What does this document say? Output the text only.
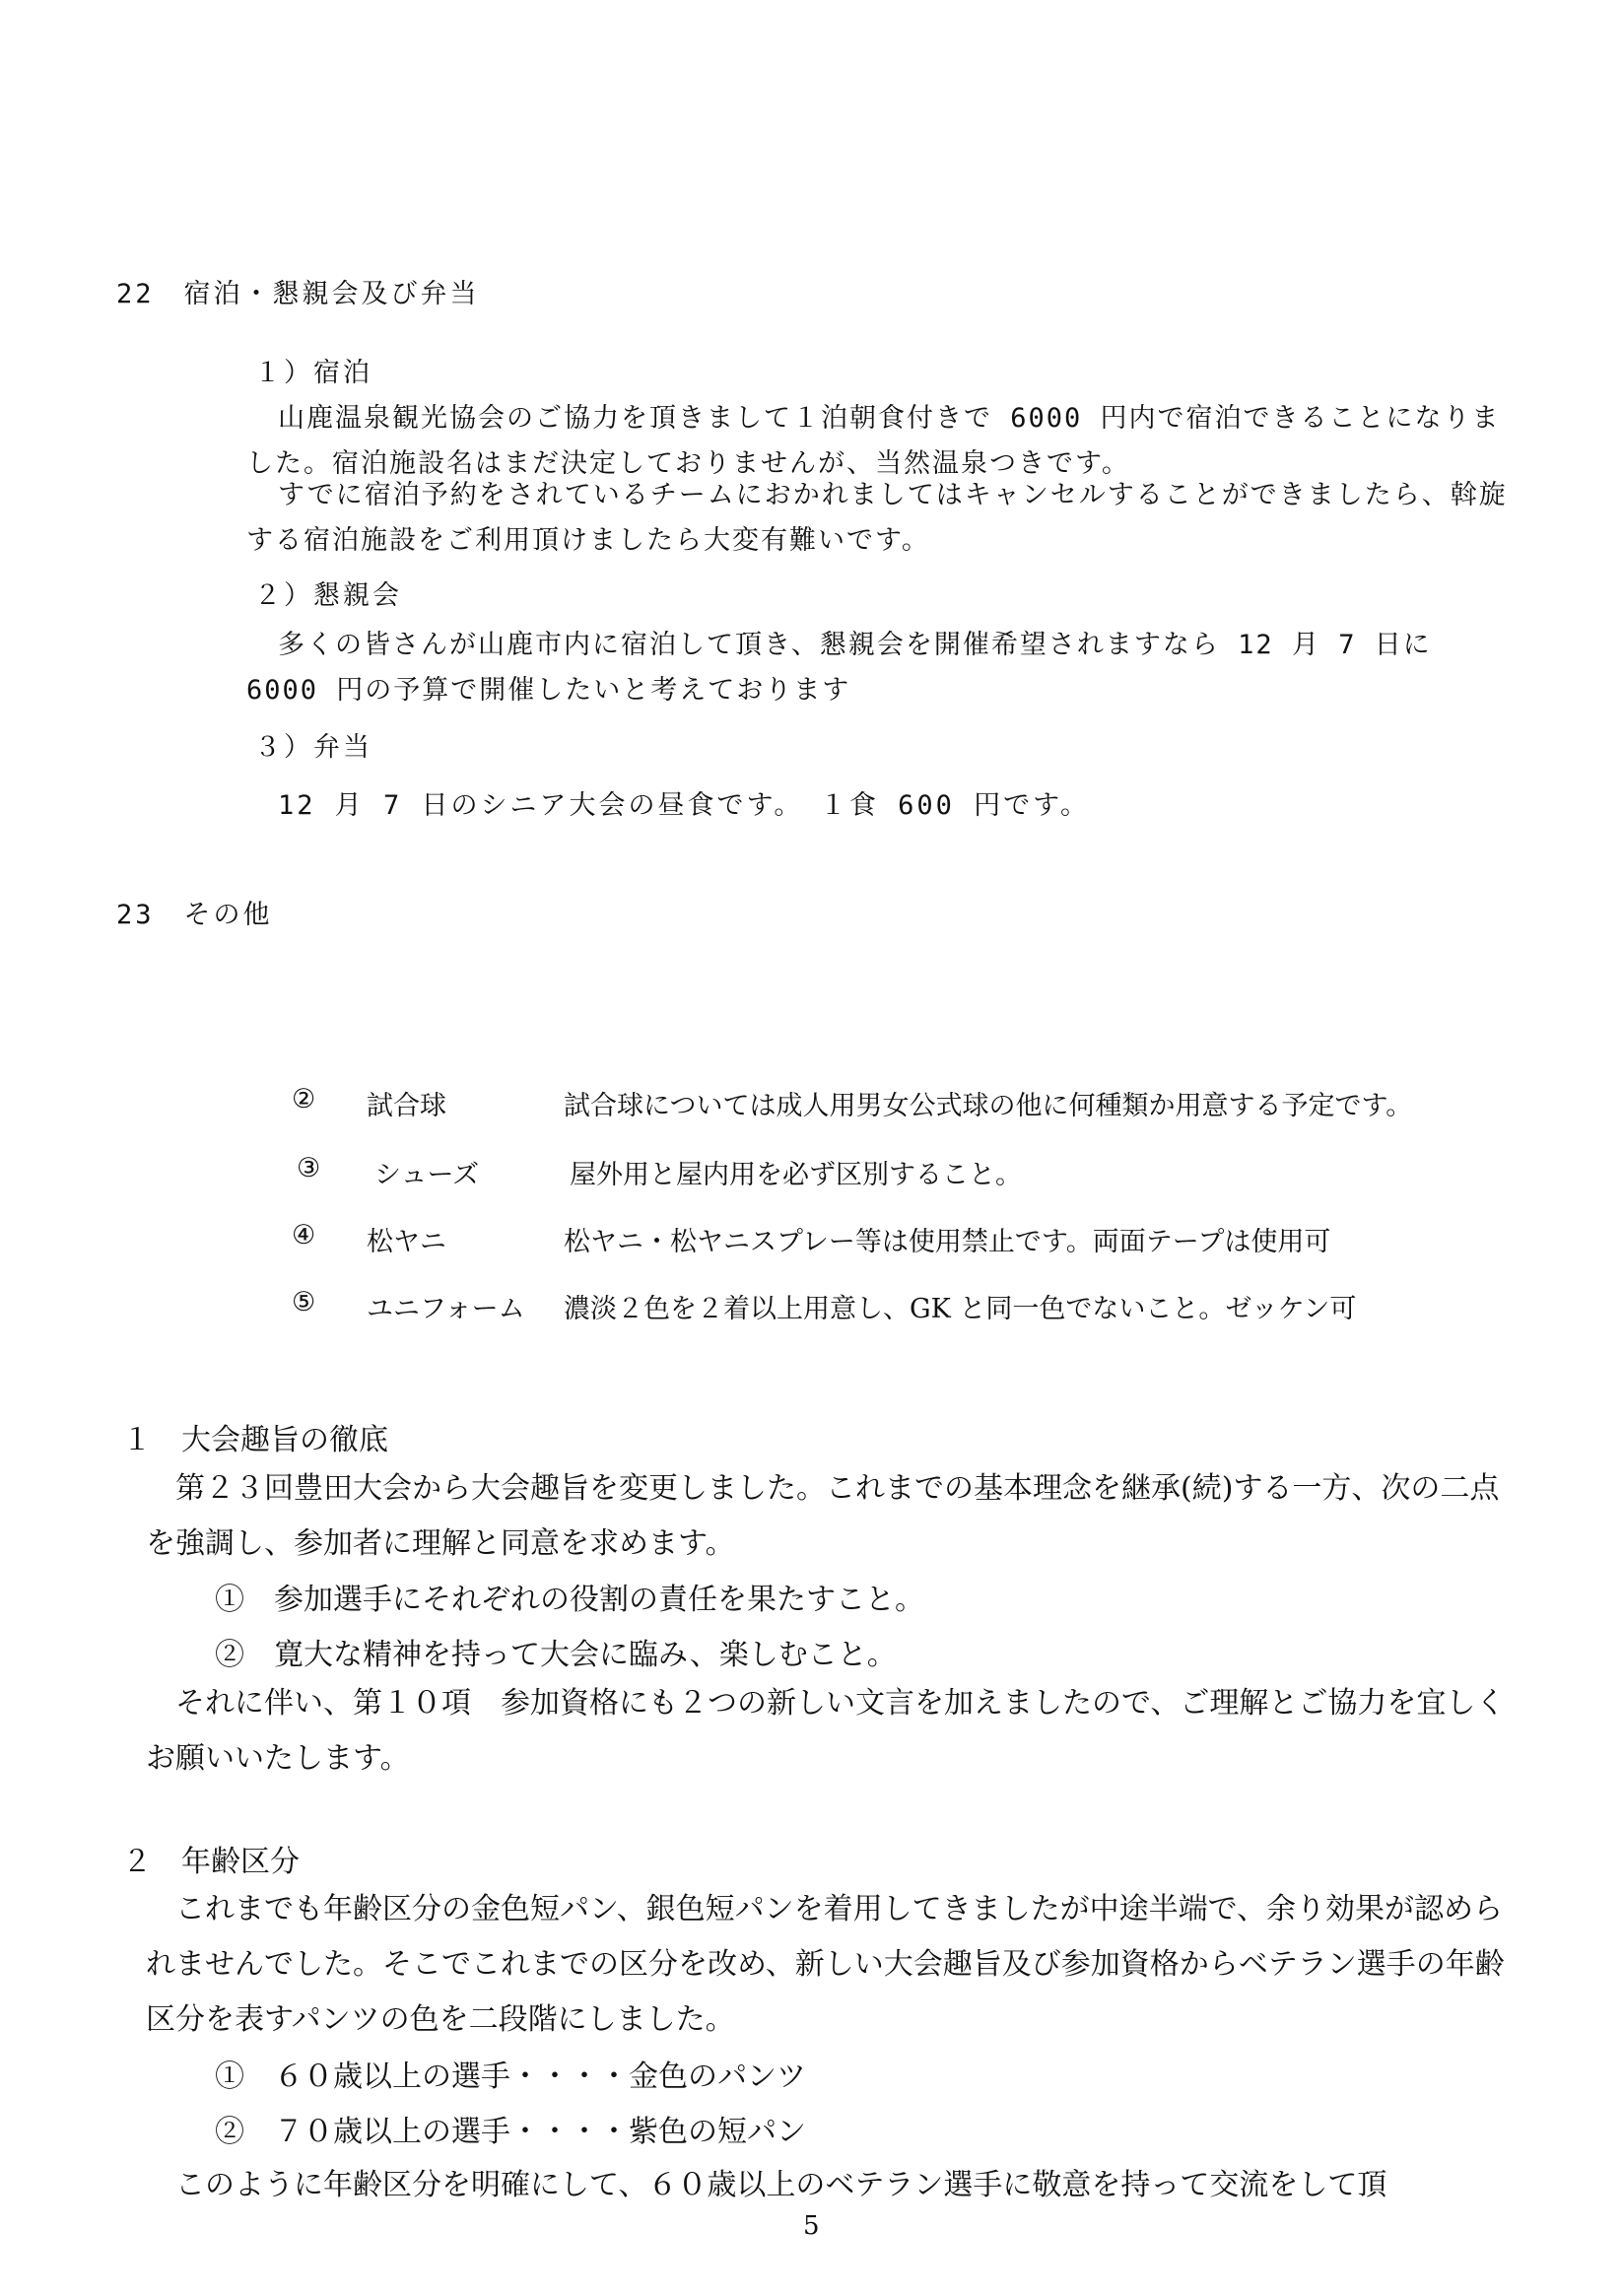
22　宿泊・懇親会及び弁当
１）宿泊
山鹿温泉観光協会のご協力を頂きまして１泊朝食付きで 6000 円内で宿泊できることになりました。宿泊施設名はまだ決定しておりませんが、当然温泉つきです。
すでに宿泊予約をされているチームにおかれましてはキャンセルすることができましたら、斡旋する宿泊施設をご利用頂けましたら大変有難いです。
２）懇親会
多くの皆さんが山鹿市内に宿泊して頂き、懇親会を開催希望されますなら 12 月 7 日に 6000 円の予算で開催したいと考えております
３）弁当
12 月 7 日のシニア大会の昼食です。　１食 600 円です。
23　その他
② 試合球	試合球については成人用男女公式球の他に何種類か用意する予定です。
③ シューズ	屋外用と屋内用を必ず区別すること。
④ 松ヤニ	松ヤニ・松ヤニスプレー等は使用禁止です。両面テープは使用可
⑤ ユニフォーム 濃淡２色を２着以上用意し、GK と同一色でないこと。ゼッケン可
１　大会趣旨の徹底
第２３回豊田大会から大会趣旨を変更しました。これまでの基本理念を継承(続)する一方、次の二点を強調し、参加者に理解と同意を求めます。
①　参加選手にそれぞれの役割の責任を果たすこと。
②　寛大な精神を持って大会に臨み、楽しむこと。
それに伴い、第１０項　参加資格にも２つの新しい文言を加えましたので、ご理解とご協力を宜しくお願いいたします。
２　年齢区分
これまでも年齢区分の金色短パン、銀色短パンを着用してきましたが中途半端で、余り効果が認められませんでした。そこでこれまでの区分を改め、新しい大会趣旨及び参加資格からベテラン選手の年齢区分を表すパンツの色を二段階にしました。
①　６０歳以上の選手・・・・金色のパンツ
②　７０歳以上の選手・・・・紫色の短パン
このように年齢区分を明確にして、６０歳以上のベテラン選手に敬意を持って交流をして頂
5
